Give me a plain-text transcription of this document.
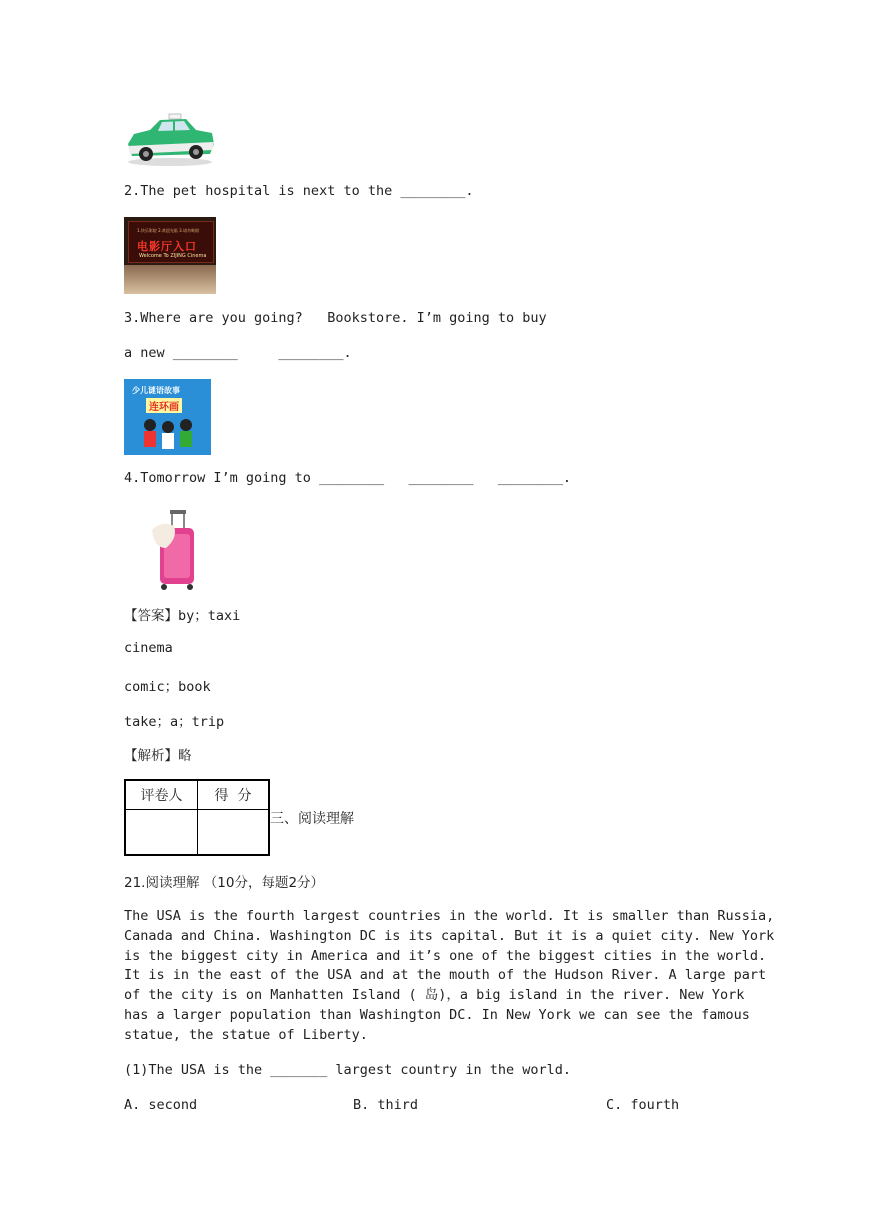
2.The pet hospital is next to the ________.
1.快乐影院 2.欢迎光临 3.请勿吸烟
电影厅入口
Welcome To ZIJING Cinema
3.Where are you going?   Bookstore. I’m going to buy
a new ________     ________.
少儿谜语故事
连环画
4.Tomorrow I’m going to ________   ________   ________.
【答案】by；taxi
cinema
comic；book
take；a；trip
【解析】略
评卷人	得  分
三、阅读理解
21.阅读理解 （10分，每题2分）
The USA is the fourth largest countries in the world. It is smaller than Russia,
Canada and China. Washington DC is its capital. But it is a quiet city. New York
is the biggest city in America and it’s one of the biggest cities in the world.
It is in the east of the USA and at the mouth of the Hudson River. A large part
of the city is on Manhatten Island ( 岛)，a big island in the river. New York
has a larger population than Washington DC. In New York we can see the famous
statue, the statue of Liberty.
(1)The USA is the _______ largest country in the world.
A. second	B. third	C. fourth
